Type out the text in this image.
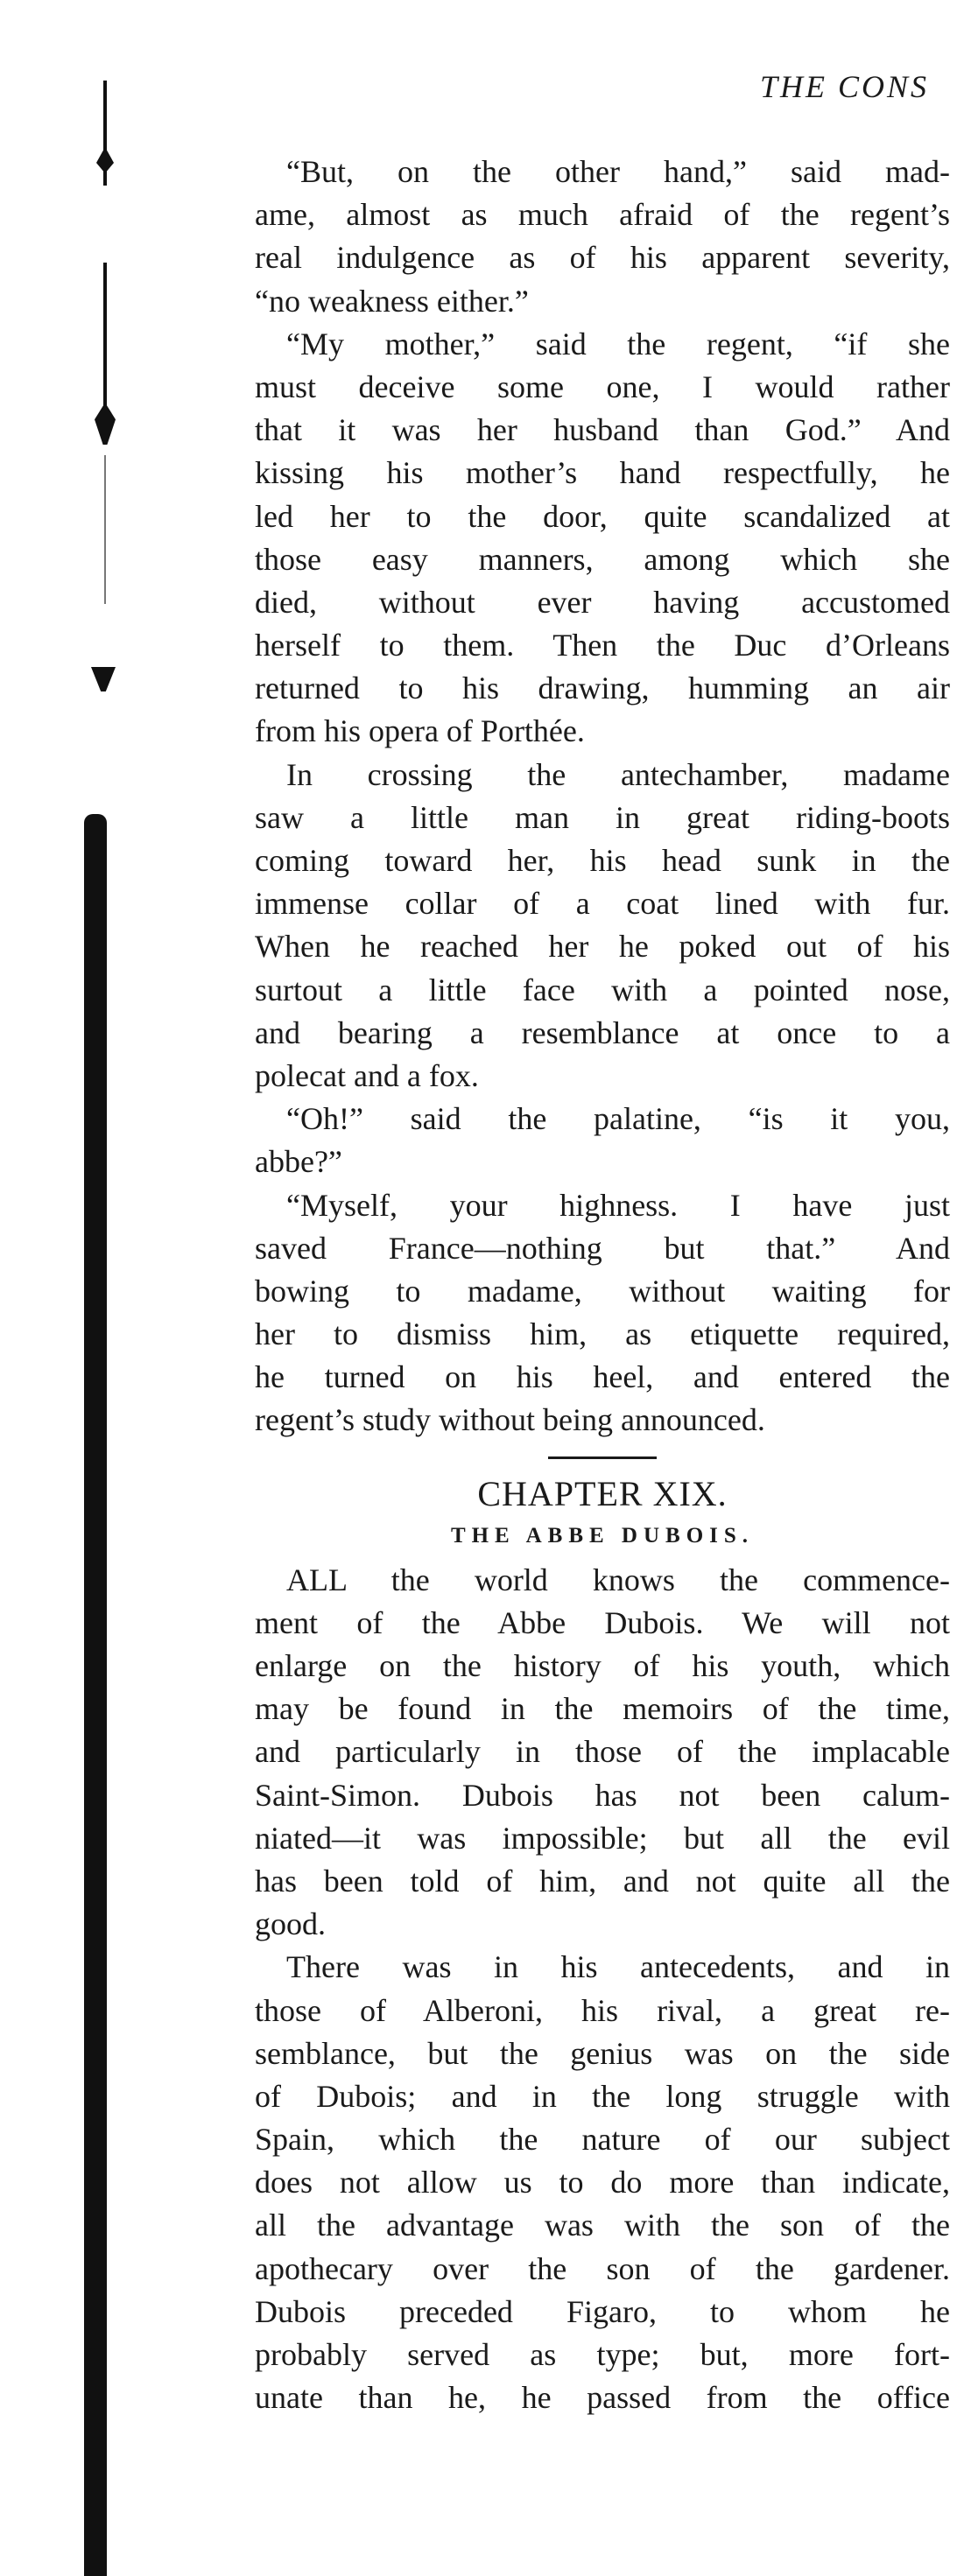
THE CONS
“But, on the other hand,” said mad-
ame, almost as much afraid of the regent’s
real indulgence as of his apparent severity,
“no weakness either.”
“My mother,” said the regent, “if she
must deceive some one, I would rather
that it was her husband than God.” And
kissing his mother’s hand respectfully, he
led her to the door, quite scandalized at
those easy manners, among which she
died, without ever having accustomed
herself to them. Then the Duc d’Orleans
returned to his drawing, humming an air
from his opera of Porthée.
In crossing the antechamber, madame
saw a little man in great riding-boots
coming toward her, his head sunk in the
immense collar of a coat lined with fur.
When he reached her he poked out of his
surtout a little face with a pointed nose,
and bearing a resemblance at once to a
polecat and a fox.
“Oh!” said the palatine, “is it you,
abbe?”
“Myself, your highness. I have just
saved France—nothing but that.” And
bowing to madame, without waiting for
her to dismiss him, as etiquette required,
he turned on his heel, and entered the
regent’s study without being announced.
CHAPTER XIX.
THE ABBE DUBOIS.
ALL the world knows the commence-
ment of the Abbe Dubois. We will not
enlarge on the history of his youth, which
may be found in the memoirs of the time,
and particularly in those of the implacable
Saint-Simon. Dubois has not been calum-
niated—it was impossible; but all the evil
has been told of him, and not quite all the
good.
There was in his antecedents, and in
those of Alberoni, his rival, a great re-
semblance, but the genius was on the side
of Dubois; and in the long struggle with
Spain, which the nature of our subject
does not allow us to do more than indicate,
all the advantage was with the son of the
apothecary over the son of the gardener.
Dubois preceded Figaro, to whom he
probably served as type; but, more fort-
unate than he, he passed from the office
